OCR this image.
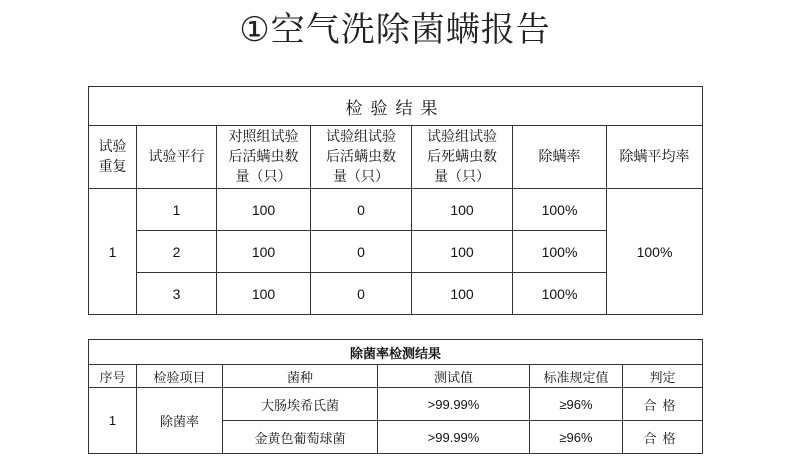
①空气洗除菌螨报告
检验结果						
试验
重复	试验平行	对照组试验
后活螨虫数
量（只）	试验组试验
后活螨虫数
量（只）	试验组试验
后死螨虫数
量（只）	除螨率	除螨平均率
1	1	100	0	100	100%	100%
	2	100	0	100	100%	
	3	100	0	100	100%	
除菌率检测结果					
序号	检验项目	菌种	测试值	标准规定值	判定
1	除菌率	大肠埃希氏菌	>99.99%	≥96%	合格
		金黄色葡萄球菌	>99.99%	≥96%	合格
